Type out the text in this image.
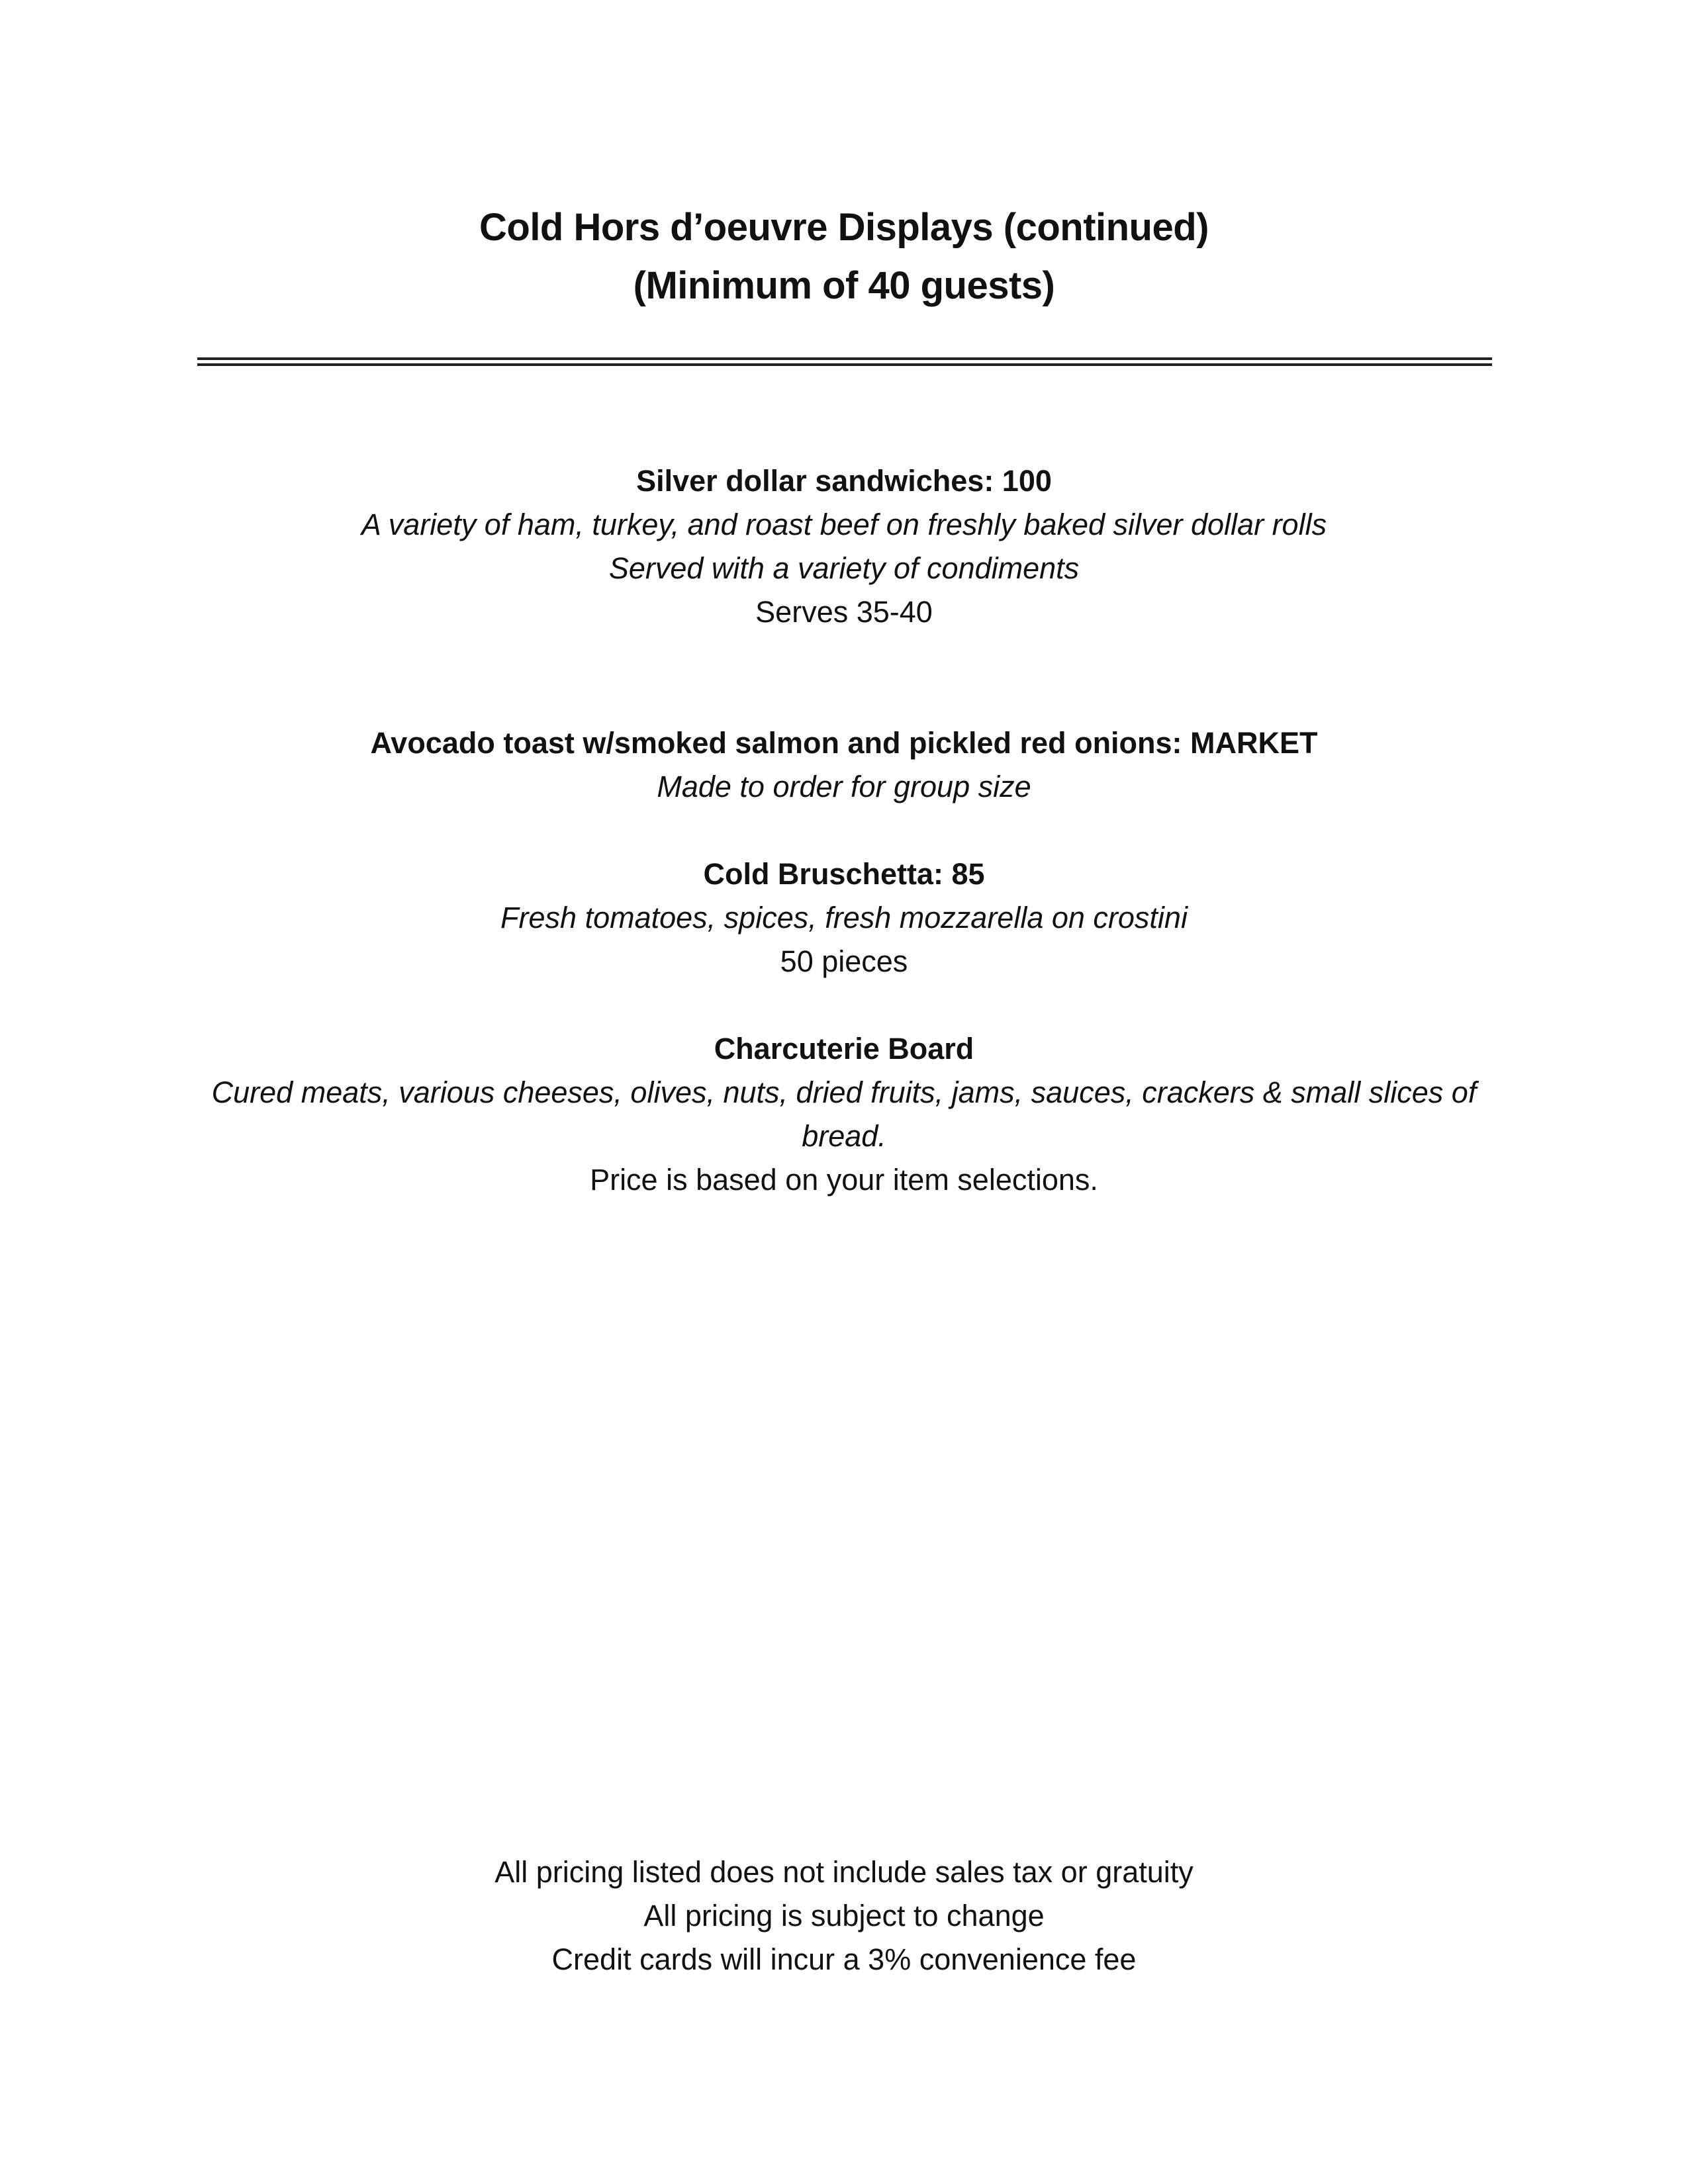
Cold Hors d’oeuvre Displays (continued)
(Minimum of 40 guests)
Silver dollar sandwiches: 100
A variety of ham, turkey, and roast beef on freshly baked silver dollar rolls
Served with a variety of condiments
Serves 35-40
Avocado toast w/smoked salmon and pickled red onions: MARKET
Made to order for group size
Cold Bruschetta: 85
Fresh tomatoes, spices, fresh mozzarella on crostini
50 pieces
Charcuterie Board
Cured meats, various cheeses, olives, nuts, dried fruits, jams, sauces, crackers & small slices of bread.
Price is based on your item selections.
All pricing listed does not include sales tax or gratuity
All pricing is subject to change
Credit cards will incur a 3% convenience fee
